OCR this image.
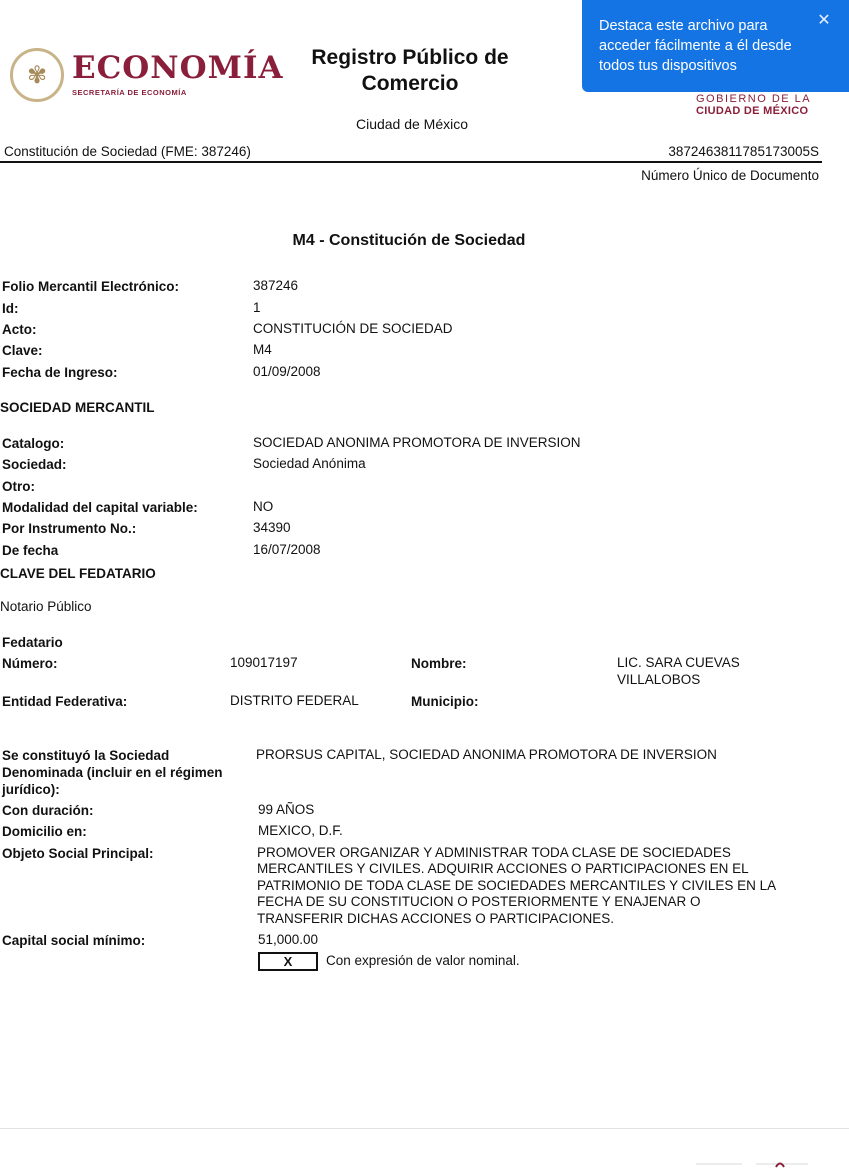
✾ ECONOMÍA
SECRETARÍA DE ECONOMÍA
Registro Público de Comercio
Ciudad de México
GOBIERNO DE LA
CIUDAD DE MÉXICO
Destaca este archivo para acceder fácilmente a él desde todos tus dispositivos
✕
Constitución de Sociedad (FME: 387246)	3872463811785173005S
Número Único de Documento
M4 - Constitución de Sociedad
Folio Mercantil Electrónico:	387246
Id:	1
Acto:	CONSTITUCIÓN DE SOCIEDAD
Clave:	M4
Fecha de Ingreso:	01/09/2008
SOCIEDAD MERCANTIL
Catalogo:	SOCIEDAD ANONIMA PROMOTORA DE INVERSION
Sociedad:	Sociedad Anónima
Otro:
Modalidad del capital variable:	NO
Por Instrumento No.:	34390
De fecha	16/07/2008
CLAVE DEL FEDATARIO
Notario Público
Fedatario
Número:	109017197	Nombre:	LIC. SARA CUEVAS
VILLALOBOS
Entidad Federativa:	DISTRITO FEDERAL	Municipio:
Se constituyó la Sociedad
Denominada (incluir en el régimen
jurídico):
PRORSUS CAPITAL, SOCIEDAD ANONIMA PROMOTORA DE INVERSION
Con duración:	99 AÑOS
Domicilio en:	MEXICO, D.F.
Objeto Social Principal:	PROMOVER ORGANIZAR Y ADMINISTRAR TODA CLASE DE SOCIEDADES
MERCANTILES Y CIVILES. ADQUIRIR ACCIONES O PARTICIPACIONES EN EL
PATRIMONIO DE TODA CLASE DE SOCIEDADES MERCANTILES Y CIVILES EN LA
FECHA DE SU CONSTITUCION O POSTERIORMENTE Y ENAJENAR O
TRANSFERIR DICHAS ACCIONES O PARTICIPACIONES.
Capital social mínimo:	51,000.00
X	Con expresión de valor nominal.
